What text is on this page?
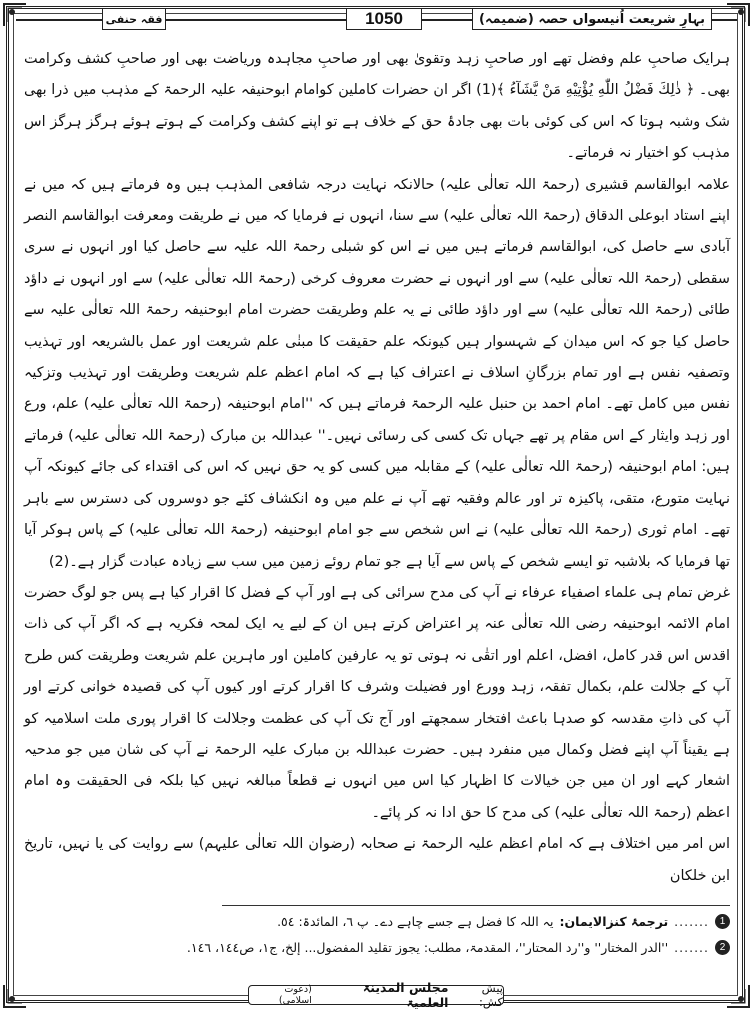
فقہ حنفی	1050	بہارِ شریعت اُنیسواں حصہ (ضمیمہ)

ہرایک صاحبِ علم وفضل تھے اور صاحبِ زہد وتقویٰ بھی اور صاحبِ مجاہدہ وریاضت بھی اور صاحبِ کشف وکرامت بھی۔ ﴿ ذٰلِكَ فَضْلُ اللّٰهِ يُؤْتِيْهِ مَنْ يَّشَآءُ ﴾(1) اگر ان حضرات کاملین کوامام ابوحنیفہ علیہ الرحمۃ کے مذہب میں ذرا بھی شک وشبہ ہوتا کہ اس کی کوئی بات بھی جادۂ حق کے خلاف ہے تو اپنے کشف وکرامت کے ہوتے ہوئے ہرگز ہرگز اس مذہب کو اختیار نہ فرماتے۔

علامہ ابوالقاسم قشیری (رحمۃ اللہ تعالٰی علیہ) حالانکہ نہایت درجہ شافعی المذہب ہیں وہ فرماتے ہیں کہ میں نے اپنے استاد ابوعلی الدقاق (رحمۃ اللہ تعالٰی علیہ) سے سنا، انہوں نے فرمایا کہ میں نے طریقت ومعرفت ابوالقاسم النصر آبادی سے حاصل کی، ابوالقاسم فرماتے ہیں میں نے اس کو شبلی رحمۃ اللہ علیہ سے حاصل کیا اور انہوں نے سری سقطی (رحمۃ اللہ تعالٰی علیہ) سے اور انہوں نے حضرت معروف کرخی (رحمۃ اللہ تعالٰی علیہ) سے اور انہوں نے داؤد طائی (رحمۃ اللہ تعالٰی علیہ) سے اور داؤد طائی نے یہ علم وطریقت حضرت امام ابوحنیفہ رحمۃ اللہ تعالٰی علیہ سے حاصل کیا جو کہ اس میدان کے شہسوار ہیں کیونکہ علم حقیقت کا مبنٰی علم شریعت اور عمل بالشریعہ اور تہذیب وتصفیہ نفس ہے اور تمام بزرگانِ اسلاف نے اعتراف کیا ہے کہ امام اعظم علم شریعت وطریقت اور تہذیب وتزکیہ نفس میں کامل تھے۔ امام احمد بن حنبل علیہ الرحمۃ فرماتے ہیں کہ ''امام ابوحنیفہ (رحمۃ اللہ تعالٰی علیہ) علم، ورع اور زہد وایثار کے اس مقام پر تھے جہاں تک کسی کی رسائی نہیں۔'' عبداللہ بن مبارک (رحمۃ اللہ تعالٰی علیہ) فرماتے ہیں: امام ابوحنیفہ (رحمۃ اللہ تعالٰی علیہ) کے مقابلہ میں کسی کو یہ حق نہیں کہ اس کی اقتداء کی جائے کیونکہ آپ نہایت متورع، متقی، پاکیزہ تر اور عالم وفقیہ تھے آپ نے علم میں وہ انکشاف کئے جو دوسروں کی دسترس سے باہر تھے۔ امام ثوری (رحمۃ اللہ تعالٰی علیہ) نے اس شخص سے جو امام ابوحنیفہ (رحمۃ اللہ تعالٰی علیہ) کے پاس ہوکر آیا تھا فرمایا کہ بلاشبہ تو ایسے شخص کے پاس سے آیا ہے جو تمام روئے زمین میں سب سے زیادہ عبادت گزار ہے۔(2)

غرض تمام ہی علماء اصفیاء عرفاء نے آپ کی مدح سرائی کی ہے اور آپ کے فضل کا اقرار کیا ہے پس جو لوگ حضرت امام الائمہ ابوحنیفہ رضی اللہ تعالٰی عنہ پر اعتراض کرتے ہیں ان کے لیے یہ ایک لمحہ فکریہ ہے کہ اگر آپ کی ذات اقدس اس قدر کامل، افضل، اعلم اور اتقٰی نہ ہوتی تو یہ عارفین کاملین اور ماہرین علم شریعت وطریقت کس طرح آپ کے جلالت علم، بکمال تفقہ، زہد وورع اور فضیلت وشرف کا اقرار کرتے اور کیوں آپ کی قصیدہ خوانی کرتے اور آپ کی ذاتِ مقدسہ کو صدہا باعث افتخار سمجھتے اور آج تک آپ کی عظمت وجلالت کا اقرار پوری ملت اسلامیہ کو ہے یقیناً آپ اپنے فضل وکمال میں منفرد ہیں۔ حضرت عبداللہ بن مبارک علیہ الرحمۃ نے آپ کی شان میں جو مدحیہ اشعار کہے اور ان میں جن خیالات کا اظہار کیا اس میں انہوں نے قطعاً مبالغہ نہیں کیا بلکہ فی الحقیقت وہ امام اعظم (رحمۃ اللہ تعالٰی علیہ) کی مدح کا حق ادا نہ کر پائے۔

اس امر میں اختلاف ہے کہ امام اعظم علیہ الرحمۃ نے صحابہ (رضوان اللہ تعالٰی علیہم) سے روایت کی یا نہیں، تاریخ ابن خلکان

1
.......
ترجمۂ کنزالایمان:
یہ اللہ کا فضل ہے جسے چاہے دے۔ پ ٦، المائدۃ: ٥٤.
2
.......
''الدر المختار'' و''رد المحتار''، المقدمۃ، مطلب: یجوز تقلید المفضول... إلخ، ج١، ص١٤٤، ١٤٦.
پیش کش:
مجلس المدینۃ العلمیۃ
(دعوت اسلامی)
